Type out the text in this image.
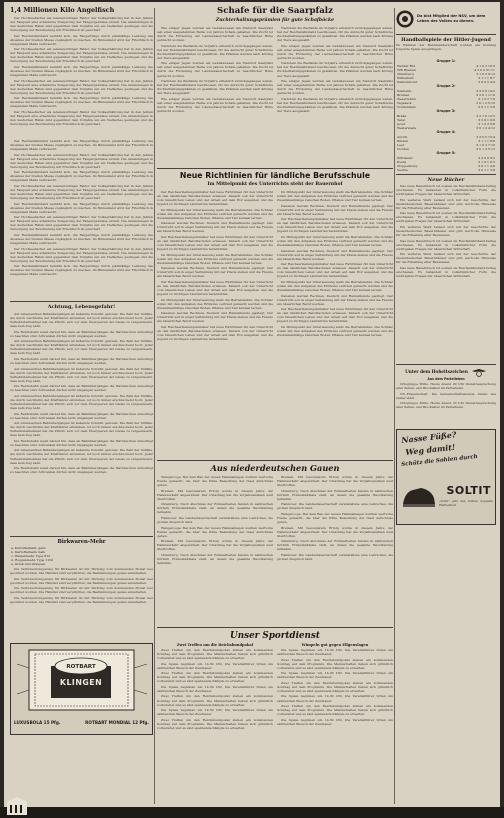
1,4 Millionen Kilo Angelfisch

Der Hochseefischer als lebenswichtiger Faktor der Volksernährung hat in den Jahren der Fangzeit eine erhebliche Steigerung der Fangergebnisse erzielt. Die Anlandungen in den deutschen Häfen sind gegenüber dem Vorjahre um ein Vielfaches gestiegen und die Versorgung der Bevölkerung mit Frischfisch ist gesichert.

Der Reichsnährstand bemüht sich, die Fangerträge durch planmäßige Lenkung des Absatzes der breiten Masse zugänglich zu machen. Im Binnenland wird der Frischfisch in steigendem Maße verbraucht.

Der Hochseefischer als lebenswichtiger Faktor der Volksernährung hat in den Jahren der Fangzeit eine erhebliche Steigerung der Fangergebnisse erzielt. Die Anlandungen in den deutschen Häfen sind gegenüber dem Vorjahre um ein Vielfaches gestiegen und die Versorgung der Bevölkerung mit Frischfisch ist gesichert.

Der Reichsnährstand bemüht sich, die Fangerträge durch planmäßige Lenkung des Absatzes der breiten Masse zugänglich zu machen. Im Binnenland wird der Frischfisch in steigendem Maße verbraucht.

Der Hochseefischer als lebenswichtiger Faktor der Volksernährung hat in den Jahren der Fangzeit eine erhebliche Steigerung der Fangergebnisse erzielt. Die Anlandungen in den deutschen Häfen sind gegenüber dem Vorjahre um ein Vielfaches gestiegen und die Versorgung der Bevölkerung mit Frischfisch ist gesichert.

Der Reichsnährstand bemüht sich, die Fangerträge durch planmäßige Lenkung des Absatzes der breiten Masse zugänglich zu machen. Im Binnenland wird der Frischfisch in steigendem Maße verbraucht.

Der Hochseefischer als lebenswichtiger Faktor der Volksernährung hat in den Jahren der Fangzeit eine erhebliche Steigerung der Fangergebnisse erzielt. Die Anlandungen in den deutschen Häfen sind gegenüber dem Vorjahre um ein Vielfaches gestiegen und die Versorgung der Bevölkerung mit Frischfisch ist gesichert.

Der Reichsnährstand bemüht sich, die Fangerträge durch planmäßige Lenkung des Absatzes der breiten Masse zugänglich zu machen. Im Binnenland wird der Frischfisch in steigendem Maße verbraucht.

Der Hochseefischer als lebenswichtiger Faktor der Volksernährung hat in den Jahren der Fangzeit eine erhebliche Steigerung der Fangergebnisse erzielt. Die Anlandungen in den deutschen Häfen sind gegenüber dem Vorjahre um ein Vielfaches gestiegen und die Versorgung der Bevölkerung mit Frischfisch ist gesichert.

Der Reichsnährstand bemüht sich, die Fangerträge durch planmäßige Lenkung des Absatzes der breiten Masse zugänglich zu machen. Im Binnenland wird der Frischfisch in steigendem Maße verbraucht.

Der Hochseefischer als lebenswichtiger Faktor der Volksernährung hat in den Jahren der Fangzeit eine erhebliche Steigerung der Fangergebnisse erzielt. Die Anlandungen in den deutschen Häfen sind gegenüber dem Vorjahre um ein Vielfaches gestiegen und die Versorgung der Bevölkerung mit Frischfisch ist gesichert.

Der Reichsnährstand bemüht sich, die Fangerträge durch planmäßige Lenkung des Absatzes der breiten Masse zugänglich zu machen. Im Binnenland wird der Frischfisch in steigendem Maße verbraucht.

Der Hochseefischer als lebenswichtiger Faktor der Volksernährung hat in den Jahren der Fangzeit eine erhebliche Steigerung der Fangergebnisse erzielt. Die Anlandungen in den deutschen Häfen sind gegenüber dem Vorjahre um ein Vielfaches gestiegen und die Versorgung der Bevölkerung mit Frischfisch ist gesichert.

Der Reichsnährstand bemüht sich, die Fangerträge durch planmäßige Lenkung des Absatzes der breiten Masse zugänglich zu machen. Im Binnenland wird der Frischfisch in steigendem Maße verbraucht.

Der Hochseefischer als lebenswichtiger Faktor der Volksernährung hat in den Jahren der Fangzeit eine erhebliche Steigerung der Fangergebnisse erzielt. Die Anlandungen in den deutschen Häfen sind gegenüber dem Vorjahre um ein Vielfaches gestiegen und die Versorgung der Bevölkerung mit Frischfisch ist gesichert.

Der Reichsnährstand bemüht sich, die Fangerträge durch planmäßige Lenkung des Absatzes der breiten Masse zugänglich zu machen. Im Binnenland wird der Frischfisch in steigendem Maße verbraucht.

Achtung, Lebensgefahr!

Auf unbewachten Bahnübergängen ist äußerste Vorsicht geboten. Die Zahl der Unfälle, die durch Leichtsinn der Kraftfahrer entstehen, ist noch immer erschreckend hoch. Jeder Verkehrsteilnehmer hat die Pflicht, sich vor dem Überqueren der Gleise zu vergewissern, dass kein Zug naht.

Die Reichsbahn weist darauf hin, dass an Bahnübergängen die Warnzeichen unbedingt zu beachten sind. Schranken dürfen nicht umgangen werden.

Auf unbewachten Bahnübergängen ist äußerste Vorsicht geboten. Die Zahl der Unfälle, die durch Leichtsinn der Kraftfahrer entstehen, ist noch immer erschreckend hoch. Jeder Verkehrsteilnehmer hat die Pflicht, sich vor dem Überqueren der Gleise zu vergewissern, dass kein Zug naht.

Die Reichsbahn weist darauf hin, dass an Bahnübergängen die Warnzeichen unbedingt zu beachten sind. Schranken dürfen nicht umgangen werden.

Auf unbewachten Bahnübergängen ist äußerste Vorsicht geboten. Die Zahl der Unfälle, die durch Leichtsinn der Kraftfahrer entstehen, ist noch immer erschreckend hoch. Jeder Verkehrsteilnehmer hat die Pflicht, sich vor dem Überqueren der Gleise zu vergewissern, dass kein Zug naht.

Die Reichsbahn weist darauf hin, dass an Bahnübergängen die Warnzeichen unbedingt zu beachten sind. Schranken dürfen nicht umgangen werden.

Auf unbewachten Bahnübergängen ist äußerste Vorsicht geboten. Die Zahl der Unfälle, die durch Leichtsinn der Kraftfahrer entstehen, ist noch immer erschreckend hoch. Jeder Verkehrsteilnehmer hat die Pflicht, sich vor dem Überqueren der Gleise zu vergewissern, dass kein Zug naht.

Die Reichsbahn weist darauf hin, dass an Bahnübergängen die Warnzeichen unbedingt zu beachten sind. Schranken dürfen nicht umgangen werden.

Auf unbewachten Bahnübergängen ist äußerste Vorsicht geboten. Die Zahl der Unfälle, die durch Leichtsinn der Kraftfahrer entstehen, ist noch immer erschreckend hoch. Jeder Verkehrsteilnehmer hat die Pflicht, sich vor dem Überqueren der Gleise zu vergewissern, dass kein Zug naht.

Die Reichsbahn weist darauf hin, dass an Bahnübergängen die Warnzeichen unbedingt zu beachten sind. Schranken dürfen nicht umgangen werden.

Auf unbewachten Bahnübergängen ist äußerste Vorsicht geboten. Die Zahl der Unfälle, die durch Leichtsinn der Kraftfahrer entstehen, ist noch immer erschreckend hoch. Jeder Verkehrsteilnehmer hat die Pflicht, sich vor dem Überqueren der Gleise zu vergewissern, dass kein Zug naht.

Die Reichsbahn weist darauf hin, dass an Bahnübergängen die Warnzeichen unbedingt zu beachten sind. Schranken dürfen nicht umgangen werden.

Birkwaren-Mehr
a. Kartoffelmehl, ganz
b. Kartoffelmehl, halb
c. Weizenmehl, Type 812
d. Roggenmehl, Type 1150
e. Grieß und Graupen

Die Verbrauchsregelung für Birkwaren ist mit Wirkung vom kommenden Monat neu geordnet worden. Die Händler sind verpflichtet, die Bestimmungen genau einzuhalten.

Die Verbrauchsregelung für Birkwaren ist mit Wirkung vom kommenden Monat neu geordnet worden. Die Händler sind verpflichtet, die Bestimmungen genau einzuhalten.

Die Verbrauchsregelung für Birkwaren ist mit Wirkung vom kommenden Monat neu geordnet worden. Die Händler sind verpflichtet, die Bestimmungen genau einzuhalten.

Die Verbrauchsregelung für Birkwaren ist mit Wirkung vom kommenden Monat neu geordnet worden. Die Händler sind verpflichtet, die Bestimmungen genau einzuhalten.

ROTBART
KLINGEN
LUXUSBOLA 15 Pfg.	ROTBART MONDIAL 12 Pfg.
Schafe für die Saarpfalz
Zuchterhaltungsprämien für gute Schafböcke

Wie einiger Jagen wurden als Gebietswesen am Standort Saarpfalz seit einer ausgedehnten Reihe von Jahren Schafe gehalten. Die Zucht ist durch die Förderung der Landesbauernschaft zu beachtlicher Höhe gebracht worden.

Nachdem die Bestände im Vorjahre erheblich zurückgegangen waren, hat der Reichsnährstand beschlossen, für die Aufzucht guter Schafböcke Zuchterhaltungsprämien zu gewähren. Die Prämien werden nach Körung der Tiere ausgezahlt.

Wie einiger Jagen wurden als Gebietswesen am Standort Saarpfalz seit einer ausgedehnten Reihe von Jahren Schafe gehalten. Die Zucht ist durch die Förderung der Landesbauernschaft zu beachtlicher Höhe gebracht worden.

Nachdem die Bestände im Vorjahre erheblich zurückgegangen waren, hat der Reichsnährstand beschlossen, für die Aufzucht guter Schafböcke Zuchterhaltungsprämien zu gewähren. Die Prämien werden nach Körung der Tiere ausgezahlt.

Wie einiger Jagen wurden als Gebietswesen am Standort Saarpfalz seit einer ausgedehnten Reihe von Jahren Schafe gehalten. Die Zucht ist durch die Förderung der Landesbauernschaft zu beachtlicher Höhe gebracht worden.

Nachdem die Bestände im Vorjahre erheblich zurückgegangen waren, hat der Reichsnährstand beschlossen, für die Aufzucht guter Schafböcke Zuchterhaltungsprämien zu gewähren. Die Prämien werden nach Körung der Tiere ausgezahlt.

Wie einiger Jagen wurden als Gebietswesen am Standort Saarpfalz seit einer ausgedehnten Reihe von Jahren Schafe gehalten. Die Zucht ist durch die Förderung der Landesbauernschaft zu beachtlicher Höhe gebracht worden.

Nachdem die Bestände im Vorjahre erheblich zurückgegangen waren, hat der Reichsnährstand beschlossen, für die Aufzucht guter Schafböcke Zuchterhaltungsprämien zu gewähren. Die Prämien werden nach Körung der Tiere ausgezahlt.

Wie einiger Jagen wurden als Gebietswesen am Standort Saarpfalz seit einer ausgedehnten Reihe von Jahren Schafe gehalten. Die Zucht ist durch die Förderung der Landesbauernschaft zu beachtlicher Höhe gebracht worden.

Nachdem die Bestände im Vorjahre erheblich zurückgegangen waren, hat der Reichsnährstand beschlossen, für die Aufzucht guter Schafböcke Zuchterhaltungsprämien zu gewähren. Die Prämien werden nach Körung der Tiere ausgezahlt.

Neue Richtlinien für ländliche Berufsschule
Im Mittelpunkt des Unterrichts steht der Bauernhof

Der Reichserziehungsminister hat neue Richtlinien für den Unterricht an den ländlichen Berufsschulen erlassen. Danach soll der Unterricht vom bäuerlichen Leben und der Arbeit auf dem Hof ausgehen und die Jugend zu tüchtigen Landwirten heranbilden.

Im Mittelpunkt der Unterweisung steht die Betriebslehre. Die Schüler sollen mit den Aufgaben des Erbhofes vertraut gemacht werden und die Zusammenhänge zwischen Boden, Pflanze und Tier kennen lernen.

Daneben werden Rechnen, Deutsch und Heimatkunde gepflegt. Der Unterricht soll in enger Verbindung mit der Praxis stehen und die Freude am bäuerlichen Beruf wecken.

Der Reichserziehungsminister hat neue Richtlinien für den Unterricht an den ländlichen Berufsschulen erlassen. Danach soll der Unterricht vom bäuerlichen Leben und der Arbeit auf dem Hof ausgehen und die Jugend zu tüchtigen Landwirten heranbilden.

Im Mittelpunkt der Unterweisung steht die Betriebslehre. Die Schüler sollen mit den Aufgaben des Erbhofes vertraut gemacht werden und die Zusammenhänge zwischen Boden, Pflanze und Tier kennen lernen.

Daneben werden Rechnen, Deutsch und Heimatkunde gepflegt. Der Unterricht soll in enger Verbindung mit der Praxis stehen und die Freude am bäuerlichen Beruf wecken.

Der Reichserziehungsminister hat neue Richtlinien für den Unterricht an den ländlichen Berufsschulen erlassen. Danach soll der Unterricht vom bäuerlichen Leben und der Arbeit auf dem Hof ausgehen und die Jugend zu tüchtigen Landwirten heranbilden.

Im Mittelpunkt der Unterweisung steht die Betriebslehre. Die Schüler sollen mit den Aufgaben des Erbhofes vertraut gemacht werden und die Zusammenhänge zwischen Boden, Pflanze und Tier kennen lernen.

Daneben werden Rechnen, Deutsch und Heimatkunde gepflegt. Der Unterricht soll in enger Verbindung mit der Praxis stehen und die Freude am bäuerlichen Beruf wecken.

Der Reichserziehungsminister hat neue Richtlinien für den Unterricht an den ländlichen Berufsschulen erlassen. Danach soll der Unterricht vom bäuerlichen Leben und der Arbeit auf dem Hof ausgehen und die Jugend zu tüchtigen Landwirten heranbilden.

Im Mittelpunkt der Unterweisung steht die Betriebslehre. Die Schüler sollen mit den Aufgaben des Erbhofes vertraut gemacht werden und die Zusammenhänge zwischen Boden, Pflanze und Tier kennen lernen.

Daneben werden Rechnen, Deutsch und Heimatkunde gepflegt. Der Unterricht soll in enger Verbindung mit der Praxis stehen und die Freude am bäuerlichen Beruf wecken.

Der Reichserziehungsminister hat neue Richtlinien für den Unterricht an den ländlichen Berufsschulen erlassen. Danach soll der Unterricht vom bäuerlichen Leben und der Arbeit auf dem Hof ausgehen und die Jugend zu tüchtigen Landwirten heranbilden.

Im Mittelpunkt der Unterweisung steht die Betriebslehre. Die Schüler sollen mit den Aufgaben des Erbhofes vertraut gemacht werden und die Zusammenhänge zwischen Boden, Pflanze und Tier kennen lernen.

Daneben werden Rechnen, Deutsch und Heimatkunde gepflegt. Der Unterricht soll in enger Verbindung mit der Praxis stehen und die Freude am bäuerlichen Beruf wecken.

Der Reichserziehungsminister hat neue Richtlinien für den Unterricht an den ländlichen Berufsschulen erlassen. Danach soll der Unterricht vom bäuerlichen Leben und der Arbeit auf dem Hof ausgehen und die Jugend zu tüchtigen Landwirten heranbilden.

Im Mittelpunkt der Unterweisung steht die Betriebslehre. Die Schüler sollen mit den Aufgaben des Erbhofes vertraut gemacht werden und die Zusammenhänge zwischen Boden, Pflanze und Tier kennen lernen.

Daneben werden Rechnen, Deutsch und Heimatkunde gepflegt. Der Unterricht soll in enger Verbindung mit der Praxis stehen und die Freude am bäuerlichen Beruf wecken.

Der Reichserziehungsminister hat neue Richtlinien für den Unterricht an den ländlichen Berufsschulen erlassen. Danach soll der Unterricht vom bäuerlichen Leben und der Arbeit auf dem Hof ausgehen und die Jugend zu tüchtigen Landwirten heranbilden.

Im Mittelpunkt der Unterweisung steht die Betriebslehre. Die Schüler sollen mit den Aufgaben des Erbhofes vertraut gemacht werden und die Zusammenhänge zwischen Boden, Pflanze und Tier kennen lernen.

Aus niederdeutschen Gauen

Wangerooge. Bei dem Bau der neuen Hafenanlagen wurden wertvolle Funde gemacht, die über die frühe Besiedlung der Insel Aufschluss geben.

Bremen. Mit besonderem Erfolg wurde in diesem Jahre der Hafenverkehr abgewickelt. Der Umschlag hat die Vorjahreszahlen weit übertroffen.

Oldenburg. Nach Abschluss der Erntearbeiten fanden in zahlreichen Dörfern Erntedankfeste statt, an denen die gesamte Bevölkerung teilnahm.

Hannover. Die Landesbauernschaft veranstaltete eine Lehrschau, die großen Zuspruch fand.

Wangerooge. Bei dem Bau der neuen Hafenanlagen wurden wertvolle Funde gemacht, die über die frühe Besiedlung der Insel Aufschluss geben.

Bremen. Mit besonderem Erfolg wurde in diesem Jahre der Hafenverkehr abgewickelt. Der Umschlag hat die Vorjahreszahlen weit übertroffen.

Oldenburg. Nach Abschluss der Erntearbeiten fanden in zahlreichen Dörfern Erntedankfeste statt, an denen die gesamte Bevölkerung teilnahm.

Bremen. Mit besonderem Erfolg wurde in diesem Jahre der Hafenverkehr abgewickelt. Der Umschlag hat die Vorjahreszahlen weit übertroffen.

Oldenburg. Nach Abschluss der Erntearbeiten fanden in zahlreichen Dörfern Erntedankfeste statt, an denen die gesamte Bevölkerung teilnahm.

Hannover. Die Landesbauernschaft veranstaltete eine Lehrschau, die großen Zuspruch fand.

Wangerooge. Bei dem Bau der neuen Hafenanlagen wurden wertvolle Funde gemacht, die über die frühe Besiedlung der Insel Aufschluss geben.

Bremen. Mit besonderem Erfolg wurde in diesem Jahre der Hafenverkehr abgewickelt. Der Umschlag hat die Vorjahreszahlen weit übertroffen.

Oldenburg. Nach Abschluss der Erntearbeiten fanden in zahlreichen Dörfern Erntedankfeste statt, an denen die gesamte Bevölkerung teilnahm.

Hannover. Die Landesbauernschaft veranstaltete eine Lehrschau, die großen Zuspruch fand.

Unser Sportdienst
Zwei Treffen um die Reichsbundpokal

Zwei Treffen um den Reichsbundpokal stehen am kommenden Sonntag auf dem Programm. Die Mannschaften haben sich gründlich vorbereitet und es sind spannende Kämpfe zu erwarten.

Die Spiele beginnen um 14.30 Uhr. Die Vereinsführer bitten um zahlreichen Besuch der Zuschauer.

Zwei Treffen um den Reichsbundpokal stehen am kommenden Sonntag auf dem Programm. Die Mannschaften haben sich gründlich vorbereitet und es sind spannende Kämpfe zu erwarten.

Die Spiele beginnen um 14.30 Uhr. Die Vereinsführer bitten um zahlreichen Besuch der Zuschauer.

Zwei Treffen um den Reichsbundpokal stehen am kommenden Sonntag auf dem Programm. Die Mannschaften haben sich gründlich vorbereitet und es sind spannende Kämpfe zu erwarten.

Die Spiele beginnen um 14.30 Uhr. Die Vereinsführer bitten um zahlreichen Besuch der Zuschauer.

Zwei Treffen um den Reichsbundpokal stehen am kommenden Sonntag auf dem Programm. Die Mannschaften haben sich gründlich vorbereitet und es sind spannende Kämpfe zu erwarten.

Wimpeln gut gegen Ellgenslagen

Die Spiele beginnen um 14.30 Uhr. Die Vereinsführer bitten um zahlreichen Besuch der Zuschauer.

Zwei Treffen um den Reichsbundpokal stehen am kommenden Sonntag auf dem Programm. Die Mannschaften haben sich gründlich vorbereitet und es sind spannende Kämpfe zu erwarten.

Die Spiele beginnen um 14.30 Uhr. Die Vereinsführer bitten um zahlreichen Besuch der Zuschauer.

Zwei Treffen um den Reichsbundpokal stehen am kommenden Sonntag auf dem Programm. Die Mannschaften haben sich gründlich vorbereitet und es sind spannende Kämpfe zu erwarten.

Die Spiele beginnen um 14.30 Uhr. Die Vereinsführer bitten um zahlreichen Besuch der Zuschauer.

Zwei Treffen um den Reichsbundpokal stehen am kommenden Sonntag auf dem Programm. Die Mannschaften haben sich gründlich vorbereitet und es sind spannende Kämpfe zu erwarten.

Die Spiele beginnen um 14.30 Uhr. Die Vereinsführer bitten um zahlreichen Besuch der Zuschauer.

Da bist Mitglied der NSV, um dem Leben des Volkes zu dienen.
Handballspiele der Hitler-Jugend
Im Rahmen der Bannmeisterschaft wurden am Sonntag folgende Spiele ausgetragen:
Gruppe 1:
Werder Bnt	4 1 0 3 10:3
VfB Bremen	4 2 0 2 21:11
Oldenburg	3 1 0 2 9:12
Wilhelmsh.	3 1 1 1 8:7
Delmenhorst	2 0 0 2 4:9
Gruppe 2:
Delmenh.	3 3 0 0 14:2
Bremen	3 2 0 1 11:6
Wesermünd	3 1 0 2 7:9
Vegesack	3 0 1 2 5:10
Nordenham	2 0 1 1 3:6
Gruppe 3:
Brake	3 2 1 0 12:5
Varel	3 2 0 1 9:6
Jever	3 1 0 2 6:8
Westerstede	3 0 1 2 4:12
Gruppe 4:
Aurich	3 3 0 0 15:4
Emden	3 1 1 1 8:8
Leer	3 1 0 2 7:10
Norden	3 0 1 2 5:13
Gruppe 5:
Wittmund	2 2 0 0 9:3
Esens	2 1 0 1 6:5
Cloppenburg	2 0 1 1 4:6
Vechta	2 0 1 1 3:8
Neue Bücher

Das neue Bauernbuch ist soeben im Reichsnährstand-Verlag erschienen. Es behandelt in volkstümlicher Form die wichtigsten Fragen der bäuerlichen Wirtschaft.

Ein weiteres Werk befasst sich mit der Geschichte der niederdeutschen Bauernhäuser und gibt wertvolle Hinweise für die Erhaltung alter Bauweisen.

Das neue Bauernbuch ist soeben im Reichsnährstand-Verlag erschienen. Es behandelt in volkstümlicher Form die wichtigsten Fragen der bäuerlichen Wirtschaft.

Ein weiteres Werk befasst sich mit der Geschichte der niederdeutschen Bauernhäuser und gibt wertvolle Hinweise für die Erhaltung alter Bauweisen.

Das neue Bauernbuch ist soeben im Reichsnährstand-Verlag erschienen. Es behandelt in volkstümlicher Form die wichtigsten Fragen der bäuerlichen Wirtschaft.

Ein weiteres Werk befasst sich mit der Geschichte der niederdeutschen Bauernhäuser und gibt wertvolle Hinweise für die Erhaltung alter Bauweisen.

Das neue Bauernbuch ist soeben im Reichsnährstand-Verlag erschienen. Es behandelt in volkstümlicher Form die wichtigsten Fragen der bäuerlichen Wirtschaft.

Unter dem Hoheitszeichen
Aus dem Parteileben

Ortsgruppe Mitte. Heute Abend 20 Uhr Dienstbesprechung aller Zellen- und Blockleiter im Parteiheim.

NS.-Frauenschaft. Die Gemeinschaftsabende finden wie bisher statt.

Ortsgruppe Mitte. Heute Abend 20 Uhr Dienstbesprechung aller Zellen- und Blockleiter im Parteiheim.

Nasse Füße?
Weg damit!
Schütz die Sohlen durch
SOLTIT
„Soltit" gibt den Sohlen doppelte Haltbarkeit
